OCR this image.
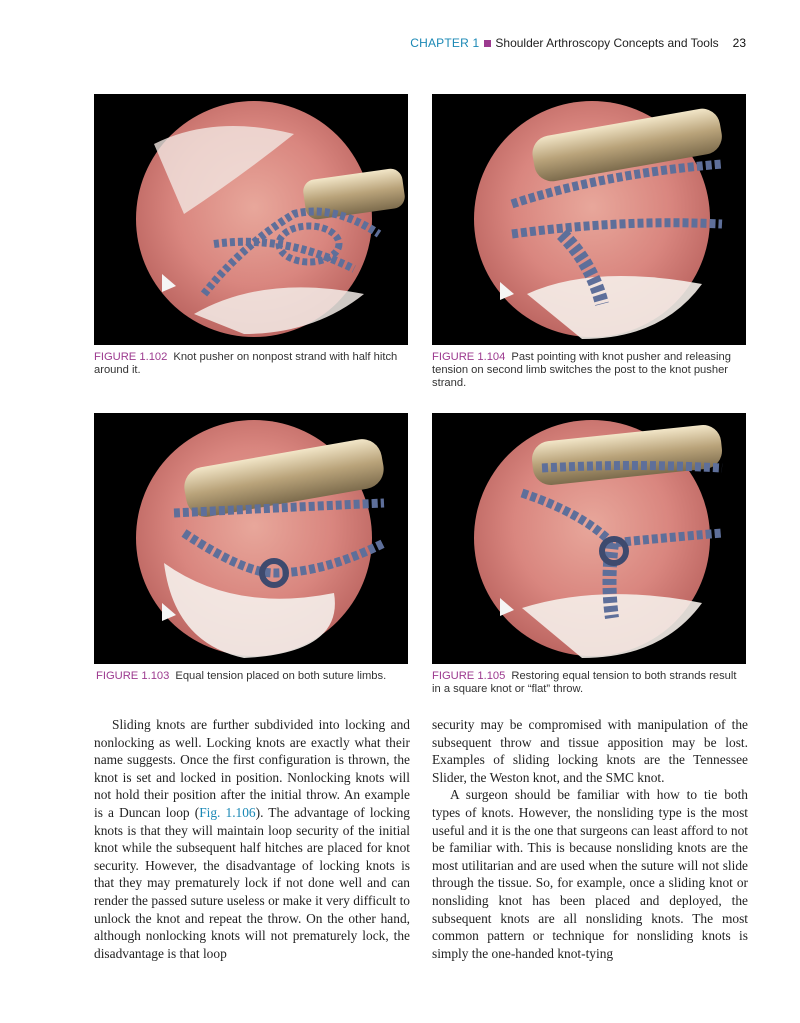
CHAPTER 1 Shoulder Arthroscopy Concepts and Tools 23
FIGURE 1.102 Knot pusher on nonpost strand with half hitch around it.
FIGURE 1.104 Past pointing with knot pusher and releasing tension on second limb switches the post to the knot pusher strand.
FIGURE 1.103 Equal tension placed on both suture limbs.	FIGURE 1.105 Restoring equal tension to both strands result in a square knot or “flat” throw.

Sliding knots are further subdivided into locking and nonlocking as well. Locking knots are exactly what their name suggests. Once the first configuration is thrown, the knot is set and locked in position. Nonlocking knots will not hold their position after the initial throw. An example is a Duncan loop (Fig. 1.106). The advantage of locking knots is that they will maintain loop security of the initial knot while the subsequent half hitches are placed for knot security. However, the disadvantage of locking knots is that they may prematurely lock if not done well and can render the passed suture useless or make it very difficult to unlock the knot and repeat the throw. On the other hand, although nonlocking knots will not prematurely lock, the disadvantage is that loop

security may be compromised with manipulation of the subsequent throw and tissue apposition may be lost. Examples of sliding locking knots are the Tennessee Slider, the Weston knot, and the SMC knot.

A surgeon should be familiar with how to tie both types of knots. However, the nonsliding type is the most useful and it is the one that surgeons can least afford to not be familiar with. This is because nonsliding knots are the most utilitarian and are used when the suture will not slide through the tissue. So, for example, once a sliding knot or nonsliding knot has been placed and deployed, the subsequent knots are all nonsliding knots. The most common pattern or technique for nonsliding knots is simply the one-handed knot-tying
